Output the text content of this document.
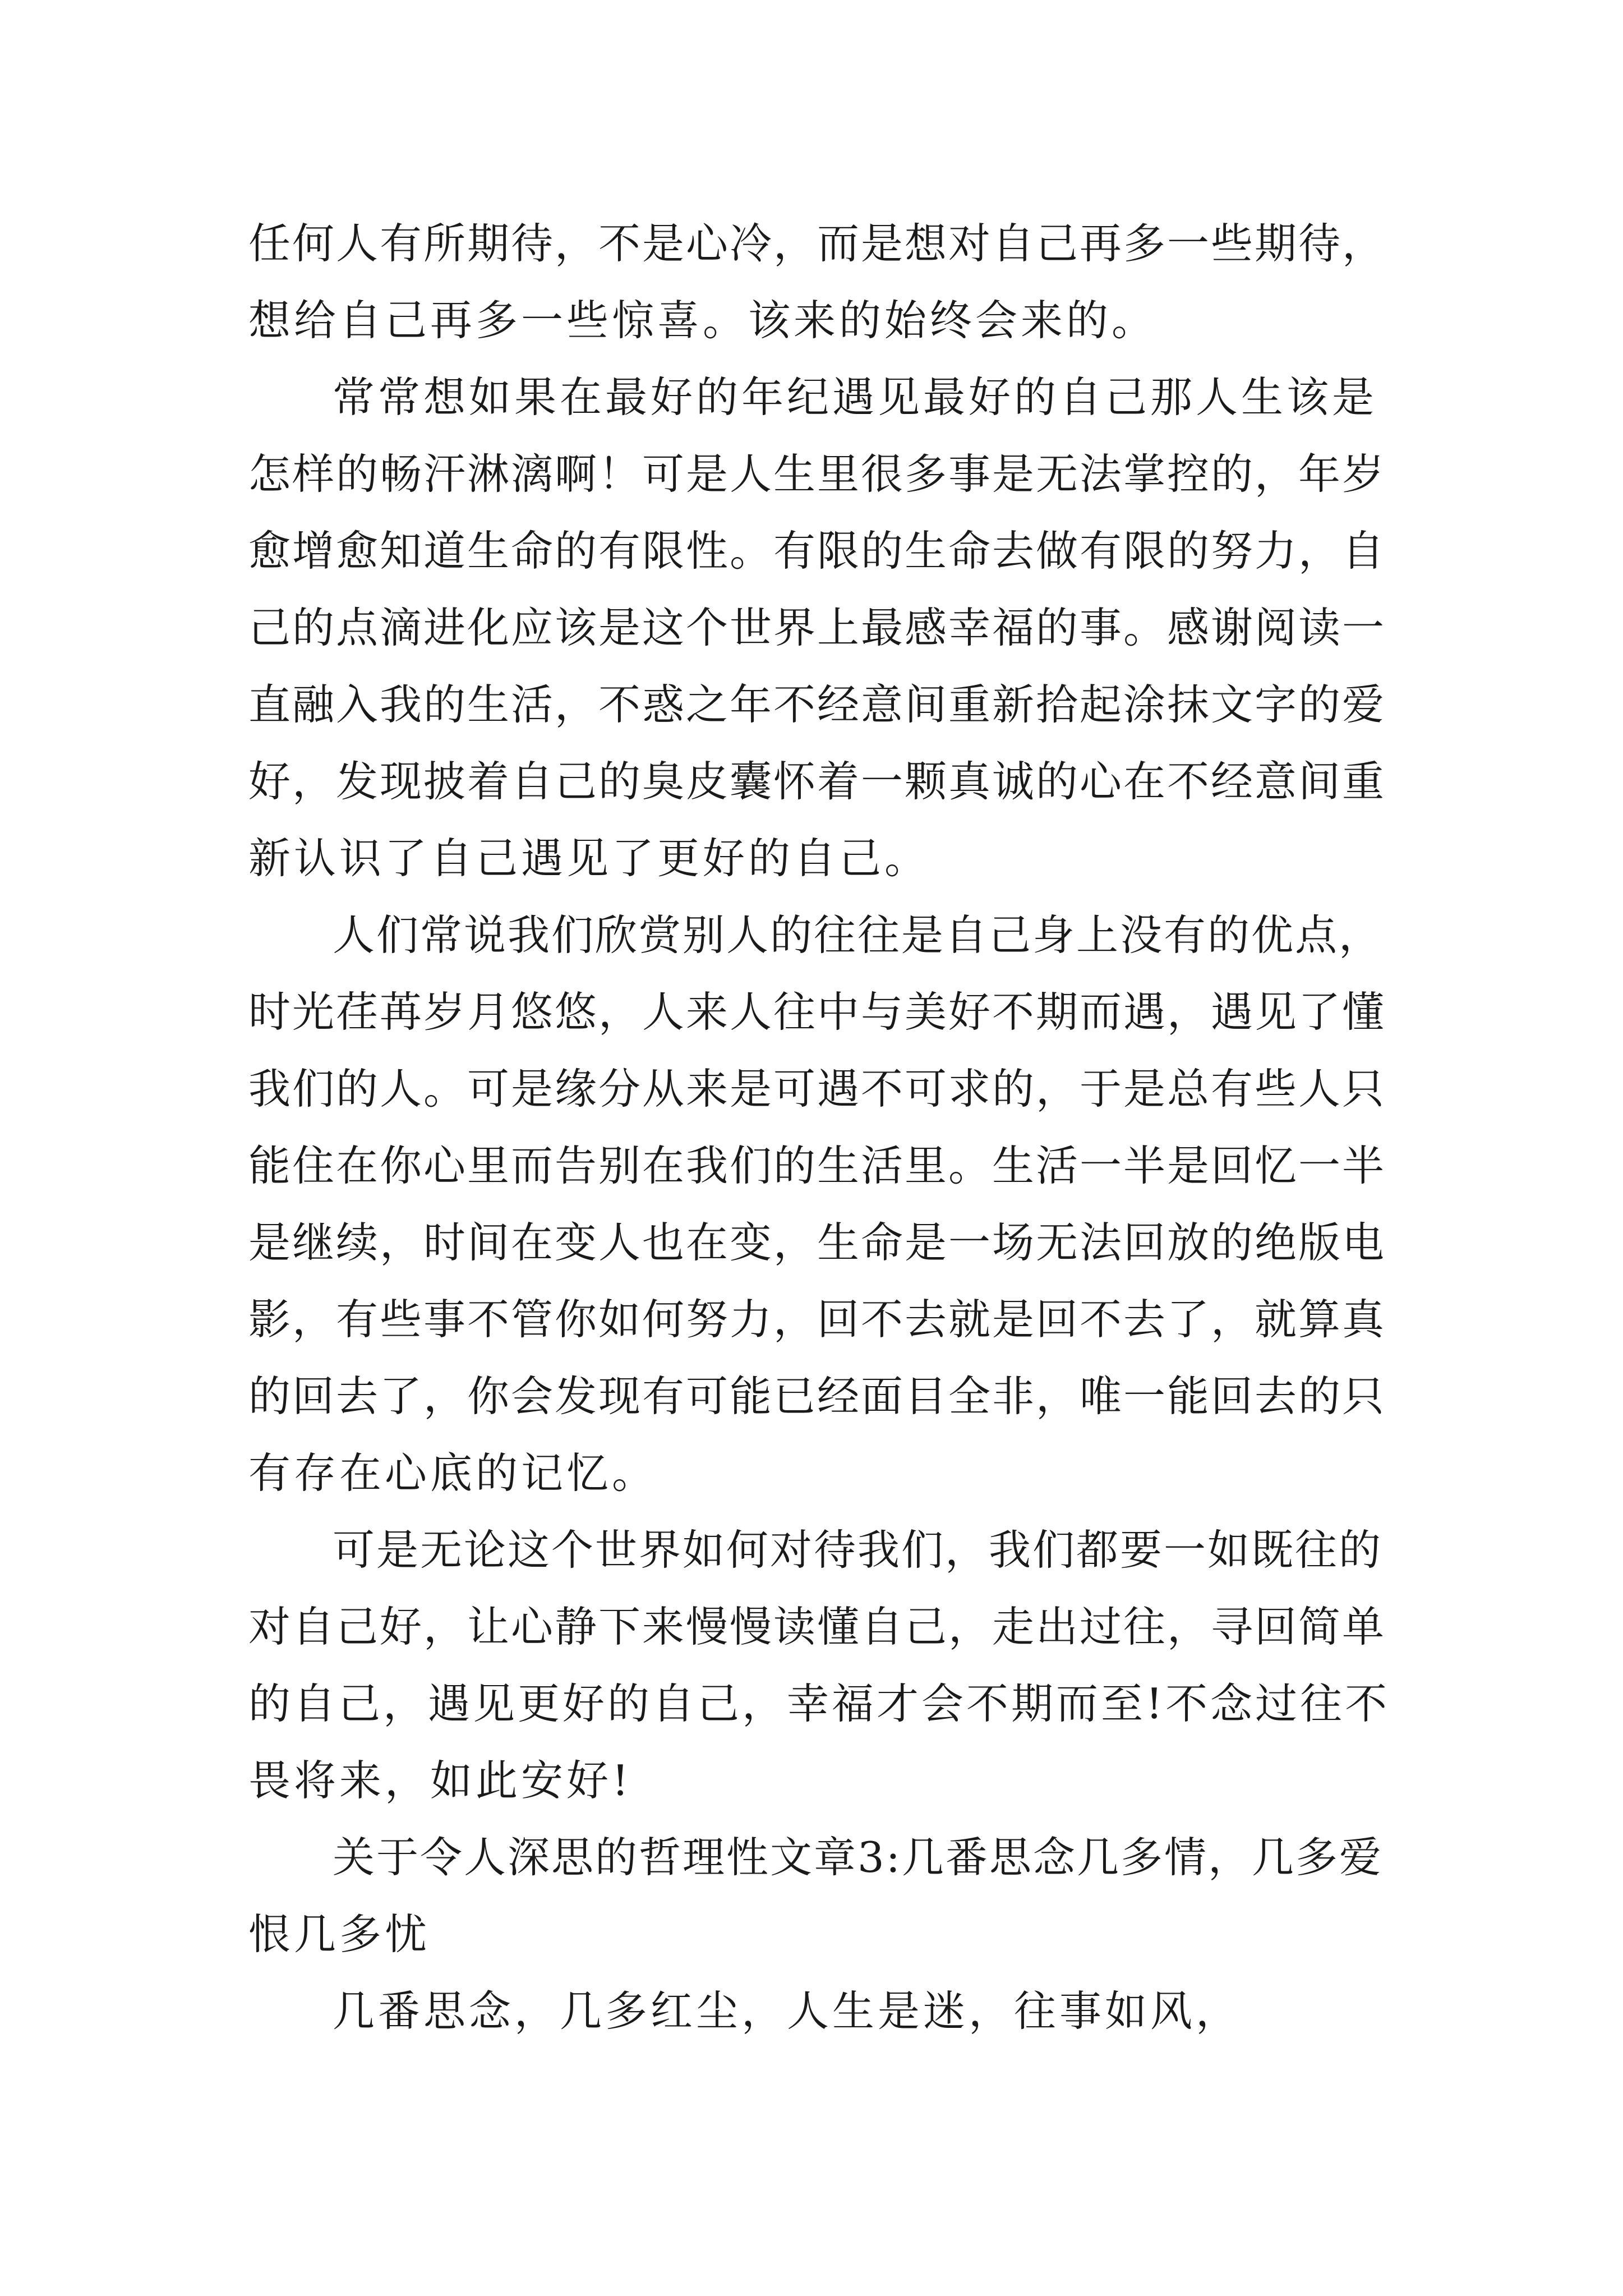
任何人有所期待，不是心冷，而是想对自己再多一些期待，
想给自己再多一些惊喜。该来的始终会来的。
常常想如果在最好的年纪遇见最好的自己那人生该是
怎样的畅汗淋漓啊！可是人生里很多事是无法掌控的，年岁
愈增愈知道生命的有限性。有限的生命去做有限的努力，自
己的点滴进化应该是这个世界上最感幸福的事。感谢阅读一
直融入我的生活，不惑之年不经意间重新拾起涂抹文字的爱
好，发现披着自己的臭皮囊怀着一颗真诚的心在不经意间重
新认识了自己遇见了更好的自己。
人们常说我们欣赏别人的往往是自己身上没有的优点，
时光荏苒岁月悠悠，人来人往中与美好不期而遇，遇见了懂
我们的人。可是缘分从来是可遇不可求的，于是总有些人只
能住在你心里而告别在我们的生活里。生活一半是回忆一半
是继续，时间在变人也在变，生命是一场无法回放的绝版电
影，有些事不管你如何努力，回不去就是回不去了，就算真
的回去了，你会发现有可能已经面目全非，唯一能回去的只
有存在心底的记忆。
可是无论这个世界如何对待我们，我们都要一如既往的
对自己好，让心静下来慢慢读懂自己，走出过往，寻回简单
的自己，遇见更好的自己，幸福才会不期而至!不念过往不
畏将来，如此安好!
关于令人深思的哲理性文章3:几番思念几多情，几多爱
恨几多忧
几番思念，几多红尘，人生是迷，往事如风，
